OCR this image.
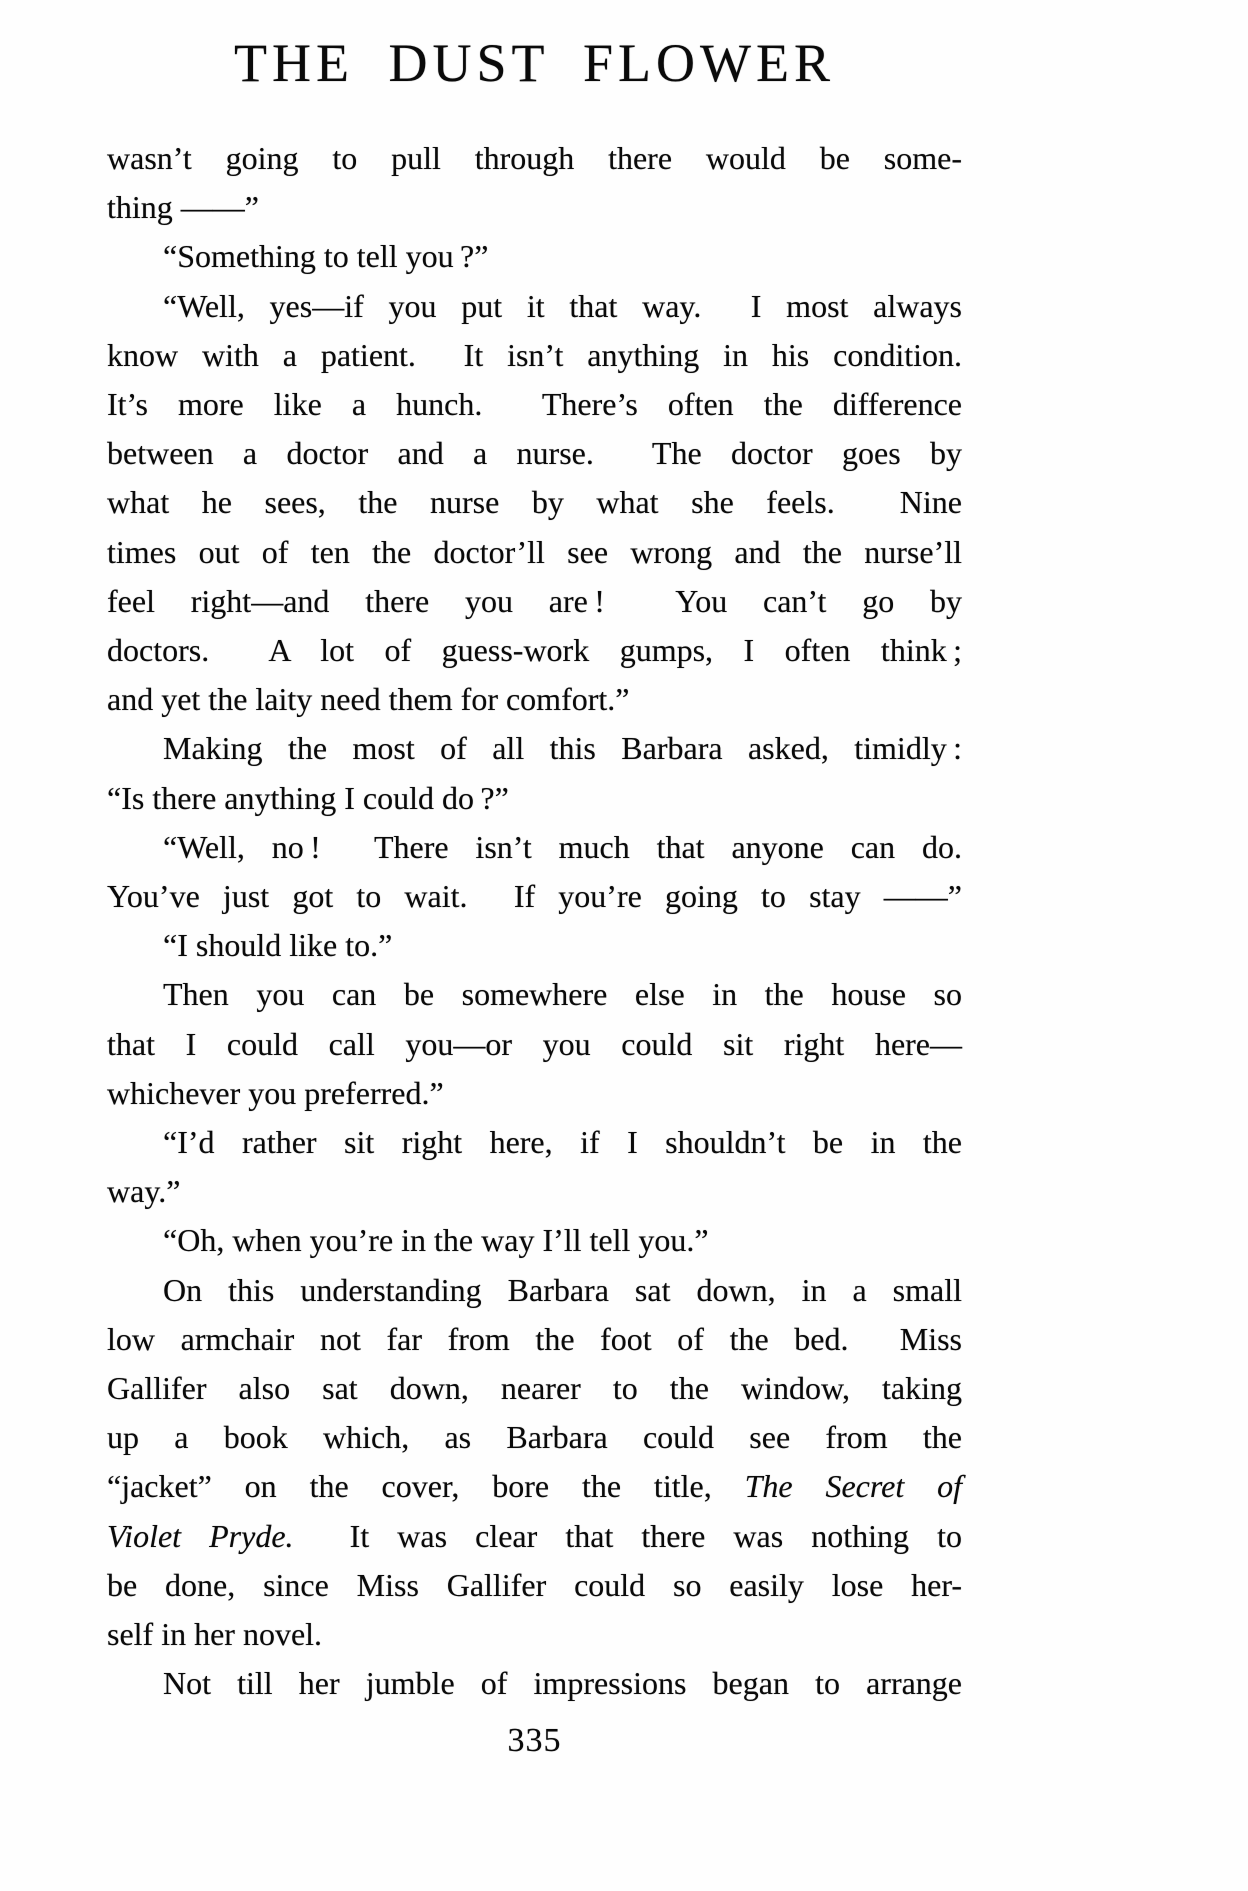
THE DUST FLOWER
wasn’t going to pull through there would be some-
thing ——”
“Something to tell you ?”
“Well, yes—if you put it that way.  I most always
know with a patient.  It isn’t anything in his condition.
It’s more like a hunch.  There’s often the difference
between a doctor and a nurse.  The doctor goes by
what he sees, the nurse by what she feels.  Nine
times out of ten the doctor’ll see wrong and the nurse’ll
feel right—and there you are !  You can’t go by
doctors.  A lot of guess-work gumps, I often think ;
and yet the laity need them for comfort.”
Making the most of all this Barbara asked, timidly :
“Is there anything I could do ?”
“Well, no !  There isn’t much that anyone can do.
You’ve just got to wait.  If you’re going to stay ——”
“I should like to.”
Then you can be somewhere else in the house so
that I could call you—or you could sit right here—
whichever you preferred.”
“I’d rather sit right here, if I shouldn’t be in the
way.”
“Oh, when you’re in the way I’ll tell you.”
On this understanding Barbara sat down, in a small
low armchair not far from the foot of the bed.  Miss
Gallifer also sat down, nearer to the window, taking
up a book which, as Barbara could see from the
“jacket” on the cover, bore the title, The Secret of
Violet Pryde.  It was clear that there was nothing to
be done, since Miss Gallifer could so easily lose her-
self in her novel.
Not till her jumble of impressions began to arrange
335
